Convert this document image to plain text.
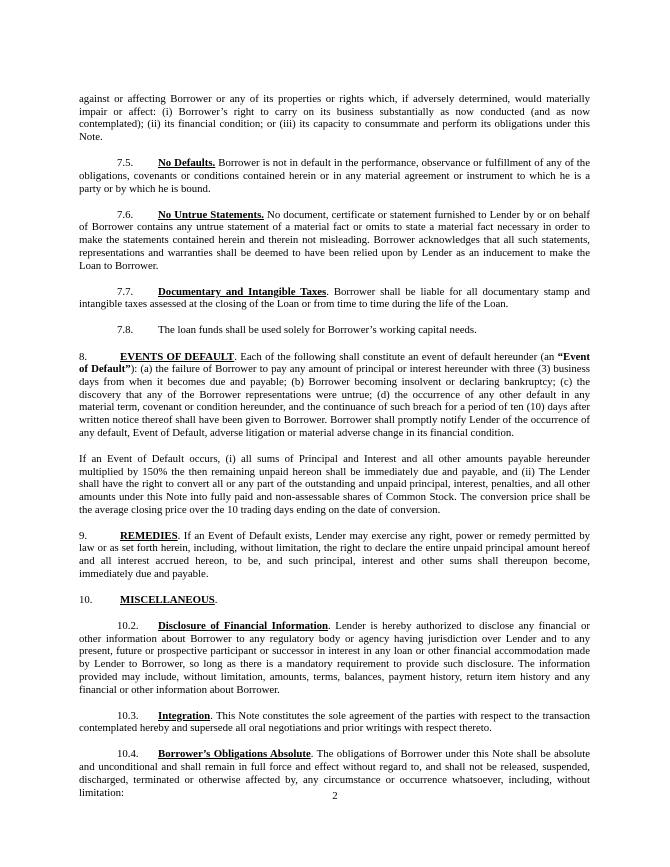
against or affecting Borrower or any of its properties or rights which, if adversely determined, would materially impair or affect: (i) Borrower’s right to carry on its business substantially as now conducted (and as now contemplated); (ii) its financial condition; or (iii) its capacity to consummate and perform its obligations under this Note.

7.5. No Defaults. Borrower is not in default in the performance, observance or fulfillment of any of the obligations, covenants or conditions contained herein or in any material agreement or instrument to which he is a party or by which he is bound.

7.6. No Untrue Statements. No document, certificate or statement furnished to Lender by or on behalf of Borrower contains any untrue statement of a material fact or omits to state a material fact necessary in order to make the statements contained herein and therein not misleading. Borrower acknowledges that all such statements, representations and warranties shall be deemed to have been relied upon by Lender as an inducement to make the Loan to Borrower.

7.7. Documentary and Intangible Taxes. Borrower shall be liable for all documentary stamp and intangible taxes assessed at the closing of the Loan or from time to time during the life of the Loan.

7.8. The loan funds shall be used solely for Borrower’s working capital needs.

8.	EVENTS OF DEFAULT. Each of the following shall constitute an event of default hereunder (an “Event of Default”): (a) the failure of Borrower to pay any amount of principal or interest hereunder with three (3) business days from when it becomes due and payable; (b) Borrower becoming insolvent or declaring bankruptcy; (c) the discovery that any of the Borrower representations were untrue; (d) the occurrence of any other default in any material term, covenant or condition hereunder, and the continuance of such breach for a period of ten (10) days after written notice thereof shall have been given to Borrower. Borrower shall promptly notify Lender of the occurrence of any default, Event of Default, adverse litigation or material adverse change in its financial condition.

If an Event of Default occurs, (i) all sums of Principal and Interest and all other amounts payable hereunder multiplied by 150% the then remaining unpaid hereon shall be immediately due and payable, and (ii) The Lender shall have the right to convert all or any part of the outstanding and unpaid principal, interest, penalties, and all other amounts under this Note into fully paid and non-assessable shares of Common Stock. The conversion price shall be the average closing price over the 10 trading days ending on the date of conversion.

9.	REMEDIES. If an Event of Default exists, Lender may exercise any right, power or remedy permitted by law or as set forth herein, including, without limitation, the right to declare the entire unpaid principal amount hereof and all interest accrued hereon, to be, and such principal, interest and other sums shall thereupon become, immediately due and payable.

10.	MISCELLANEOUS.

10.2. Disclosure of Financial Information. Lender is hereby authorized to disclose any financial or other information about Borrower to any regulatory body or agency having jurisdiction over Lender and to any present, future or prospective participant or successor in interest in any loan or other financial accommodation made by Lender to Borrower, so long as there is a mandatory requirement to provide such disclosure. The information provided may include, without limitation, amounts, terms, balances, payment history, return item history and any financial or other information about Borrower.

10.3. Integration. This Note constitutes the sole agreement of the parties with respect to the transaction contemplated hereby and supersede all oral negotiations and prior writings with respect thereto.

10.4. Borrower’s Obligations Absolute. The obligations of Borrower under this Note shall be absolute and unconditional and shall remain in full force and effect without regard to, and shall not be released, suspended, discharged, terminated or otherwise affected by, any circumstance or occurrence whatsoever, including, without limitation:	2
